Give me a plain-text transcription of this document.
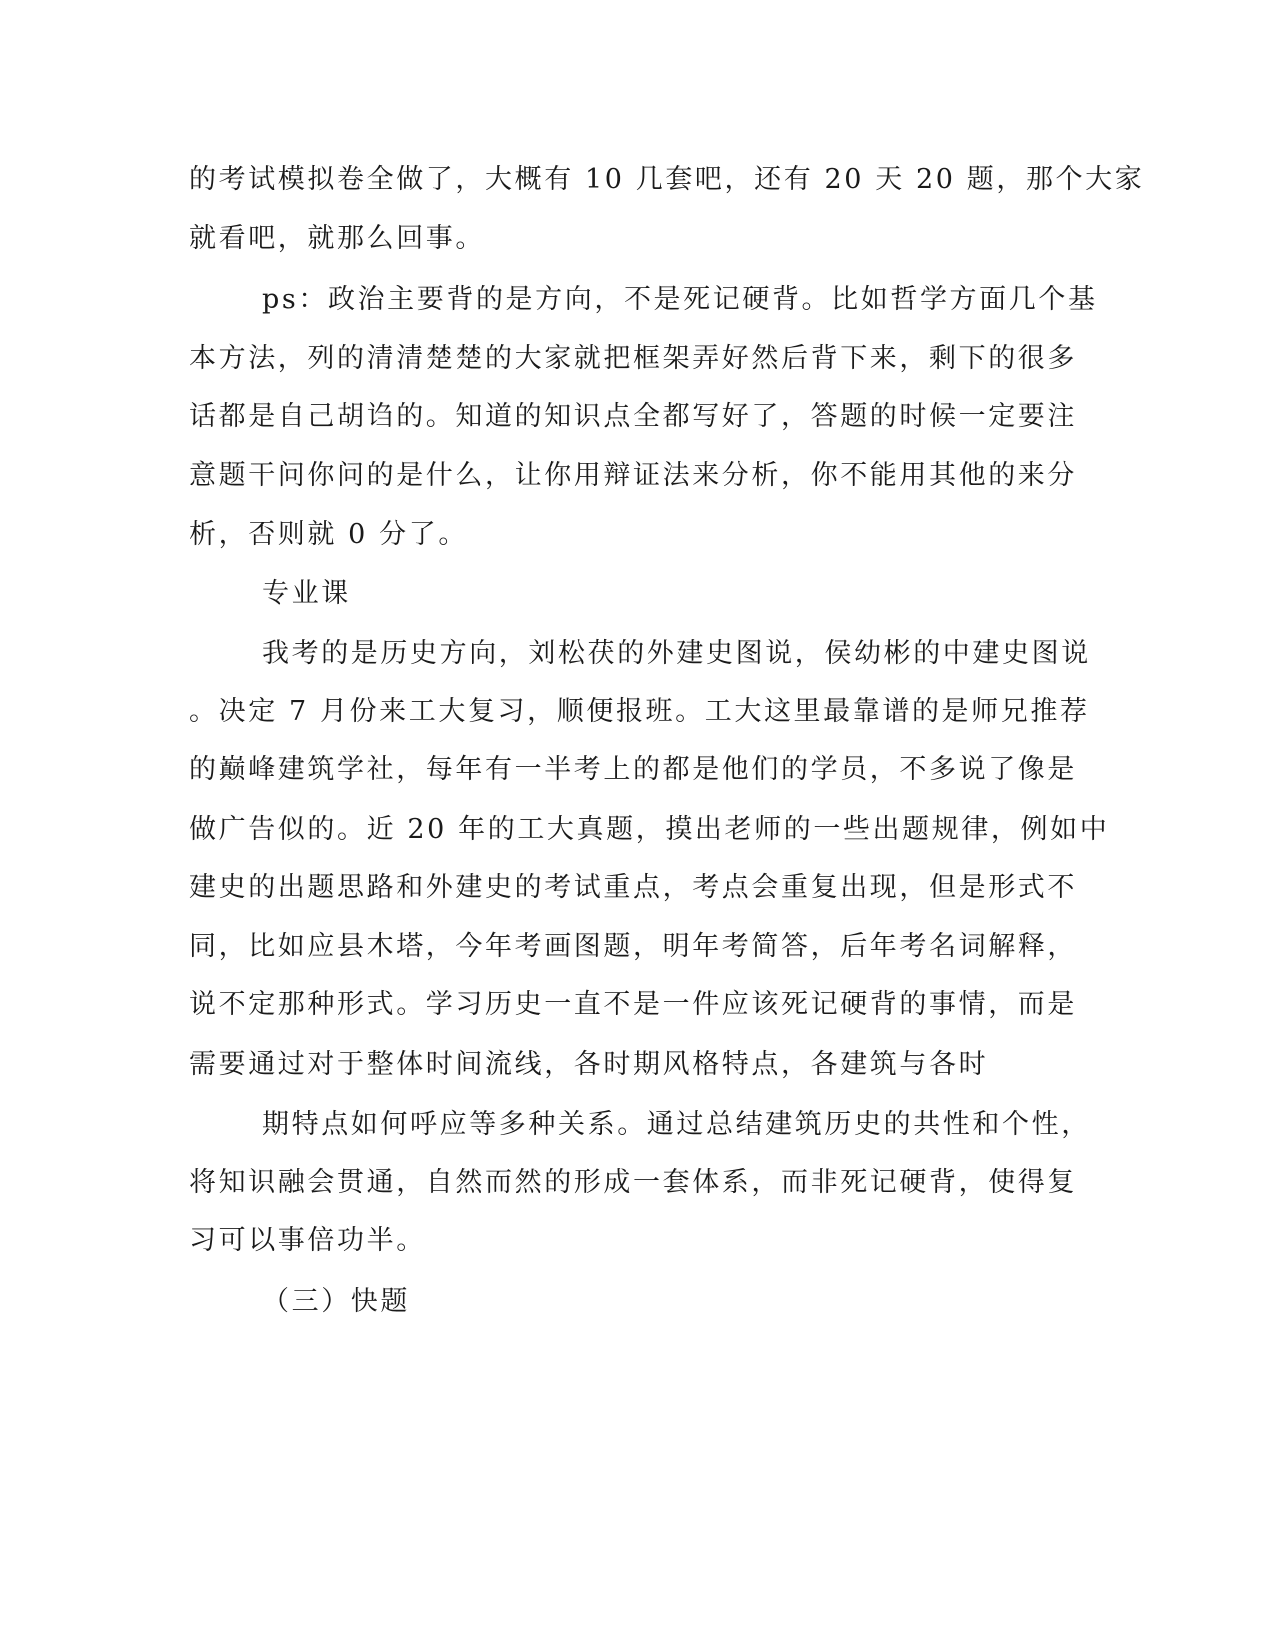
的考试模拟卷全做了，大概有 10 几套吧，还有 20 天 20 题，那个大家
就看吧，就那么回事。
ps：政治主要背的是方向，不是死记硬背。比如哲学方面几个基
本方法，列的清清楚楚的大家就把框架弄好然后背下来，剩下的很多
话都是自己胡诌的。知道的知识点全都写好了，答题的时候一定要注
意题干问你问的是什么，让你用辩证法来分析，你不能用其他的来分
析，否则就 0 分了。
专业课
我考的是历史方向，刘松茯的外建史图说，侯幼彬的中建史图说
。决定 7 月份来工大复习，顺便报班。工大这里最靠谱的是师兄推荐
的巅峰建筑学社，每年有一半考上的都是他们的学员，不多说了像是
做广告似的。近 20 年的工大真题，摸出老师的一些出题规律，例如中
建史的出题思路和外建史的考试重点，考点会重复出现，但是形式不
同，比如应县木塔，今年考画图题，明年考简答，后年考名词解释，
说不定那种形式。学习历史一直不是一件应该死记硬背的事情，而是
需要通过对于整体时间流线，各时期风格特点，各建筑与各时
期特点如何呼应等多种关系。通过总结建筑历史的共性和个性，
将知识融会贯通，自然而然的形成一套体系，而非死记硬背，使得复
习可以事倍功半。
（三）快题
